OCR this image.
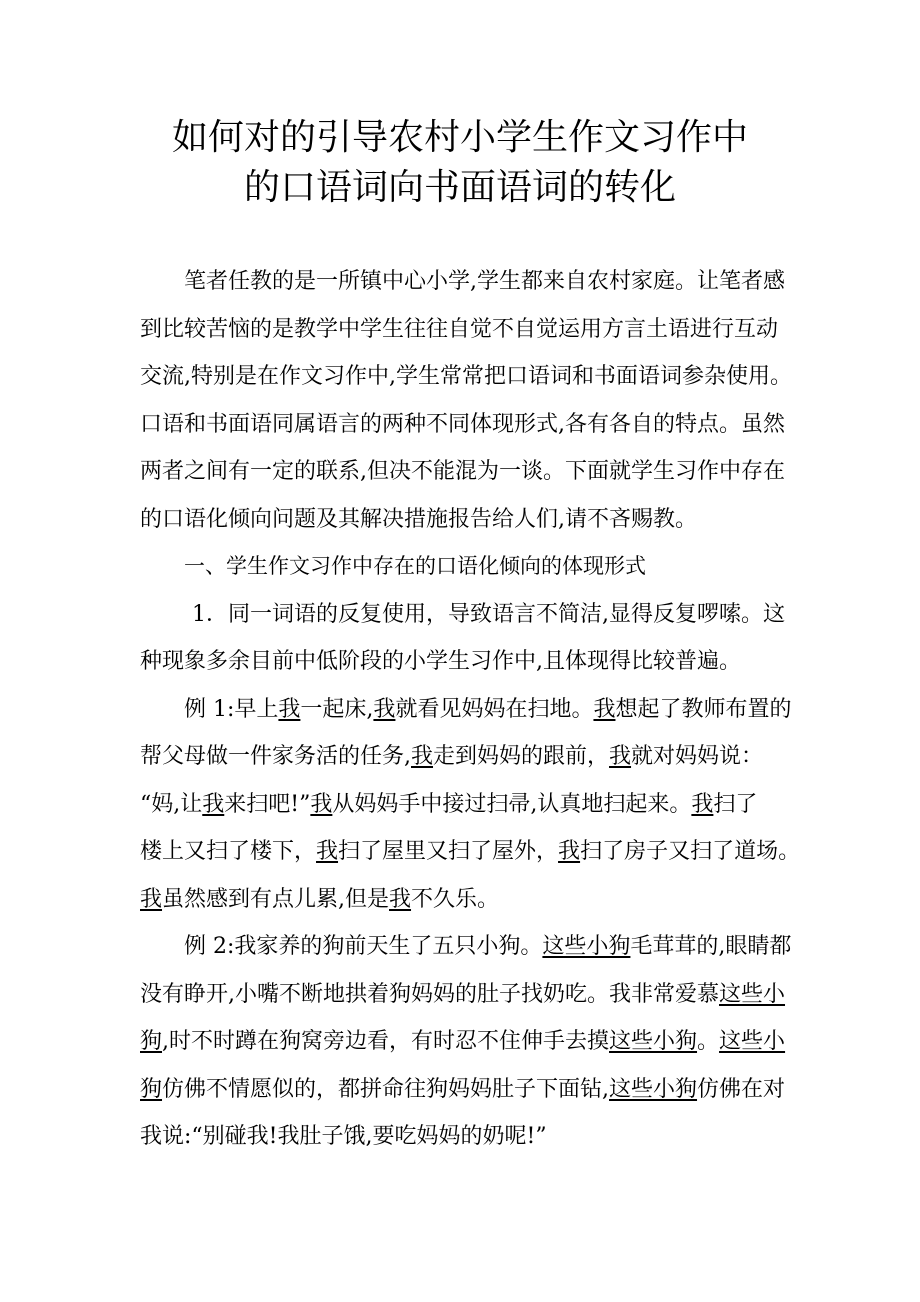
如何对的引导农村小学生作文习作中
的口语词向书面语词的转化
笔者任教的是一所镇中心小学,学生都来自农村家庭。让笔者感
到比较苦恼的是教学中学生往往自觉不自觉运用方言土语进行互动
交流,特别是在作文习作中,学生常常把口语词和书面语词参杂使用。
口语和书面语同属语言的两种不同体现形式,各有各自的特点。虽然
两者之间有一定的联系,但决不能混为一谈。下面就学生习作中存在
的口语化倾向问题及其解决措施报告给人们,请不吝赐教。
一、学生作文习作中存在的口语化倾向的体现形式
1．同一词语的反复使用，导致语言不简洁,显得反复啰嗦。这
种现象多余目前中低阶段的小学生习作中,且体现得比较普遍。
例 1:早上我一起床,我就看见妈妈在扫地。我想起了教师布置的
帮父母做一件家务活的任务,我走到妈妈的跟前，我就对妈妈说：
“妈,让我来扫吧!”我从妈妈手中接过扫帚,认真地扫起来。我扫了
楼上又扫了楼下，我扫了屋里又扫了屋外，我扫了房子又扫了道场。
我虽然感到有点儿累,但是我不久乐。
例 2:我家养的狗前天生了五只小狗。这些小狗毛茸茸的,眼睛都
没有睁开,小嘴不断地拱着狗妈妈的肚子找奶吃。我非常爱慕这些小
狗,时不时蹲在狗窝旁边看，有时忍不住伸手去摸这些小狗。这些小
狗仿佛不情愿似的，都拼命往狗妈妈肚子下面钻,这些小狗仿佛在对
我说:“别碰我!我肚子饿,要吃妈妈的奶呢!”
